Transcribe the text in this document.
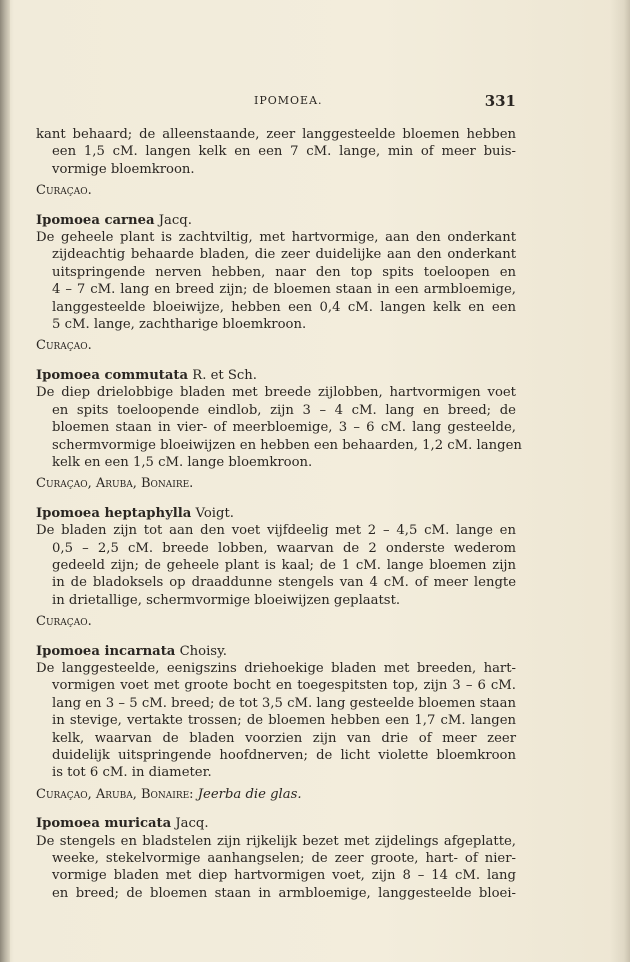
IPOMOEA.	331
kant behaard; de alleenstaande, zeer langgesteelde bloemen hebben
een 1,5 cM. langen kelk en een 7 cM. lange, min of meer buis-
vormige bloemkroon.
Curaçao.
Ipomoea carnea Jacq.
De geheele plant is zachtviltig, met hartvormige, aan den onderkant
zijdeachtig behaarde bladen, die zeer duidelijke aan den onderkant
uitspringende nerven hebben, naar den top spits toeloopen en
4 – 7 cM. lang en breed zijn; de bloemen staan in een armbloemige,
langgesteelde bloeiwijze, hebben een 0,4 cM. langen kelk en een
5 cM. lange, zachtharige bloemkroon.
Curaçao.
Ipomoea commutata R. et Sch.
De diep drielobbige bladen met breede zijlobben, hartvormigen voet
en spits toeloopende eindlob, zijn 3 – 4 cM. lang en breed; de
bloemen staan in vier- of meerbloemige, 3 – 6 cM. lang gesteelde,
schermvormige bloeiwijzen en hebben een behaarden, 1,2 cM. langen
kelk en een 1,5 cM. lange bloemkroon.
Curaçao, Aruba, Bonaire.
Ipomoea heptaphylla Voigt.
De bladen zijn tot aan den voet vijfdeelig met 2 – 4,5 cM. lange en
0,5 – 2,5 cM. breede lobben, waarvan de 2 onderste wederom
gedeeld zijn; de geheele plant is kaal; de 1 cM. lange bloemen zijn
in de bladoksels op draaddunne stengels van 4 cM. of meer lengte
in drietallige, schermvormige bloeiwijzen geplaatst.
Curaçao.
Ipomoea incarnata Choisy.
De langgesteelde, eenigszins driehoekige bladen met breeden, hart-
vormigen voet met groote bocht en toegespitsten top, zijn 3 – 6 cM.
lang en 3 – 5 cM. breed; de tot 3,5 cM. lang gesteelde bloemen staan
in stevige, vertakte trossen; de bloemen hebben een 1,7 cM. langen
kelk, waarvan de bladen voorzien zijn van drie of meer zeer
duidelijk uitspringende hoofdnerven; de licht violette bloemkroon
is tot 6 cM. in diameter.
Curaçao, Aruba, Bonaire: Jeerba die glas.
Ipomoea muricata Jacq.
De stengels en bladstelen zijn rijkelijk bezet met zijdelings afgeplatte,
weeke, stekelvormige aanhangselen; de zeer groote, hart- of nier-
vormige bladen met diep hartvormigen voet, zijn 8 – 14 cM. lang
en breed; de bloemen staan in armbloemige, langgesteelde bloei-
